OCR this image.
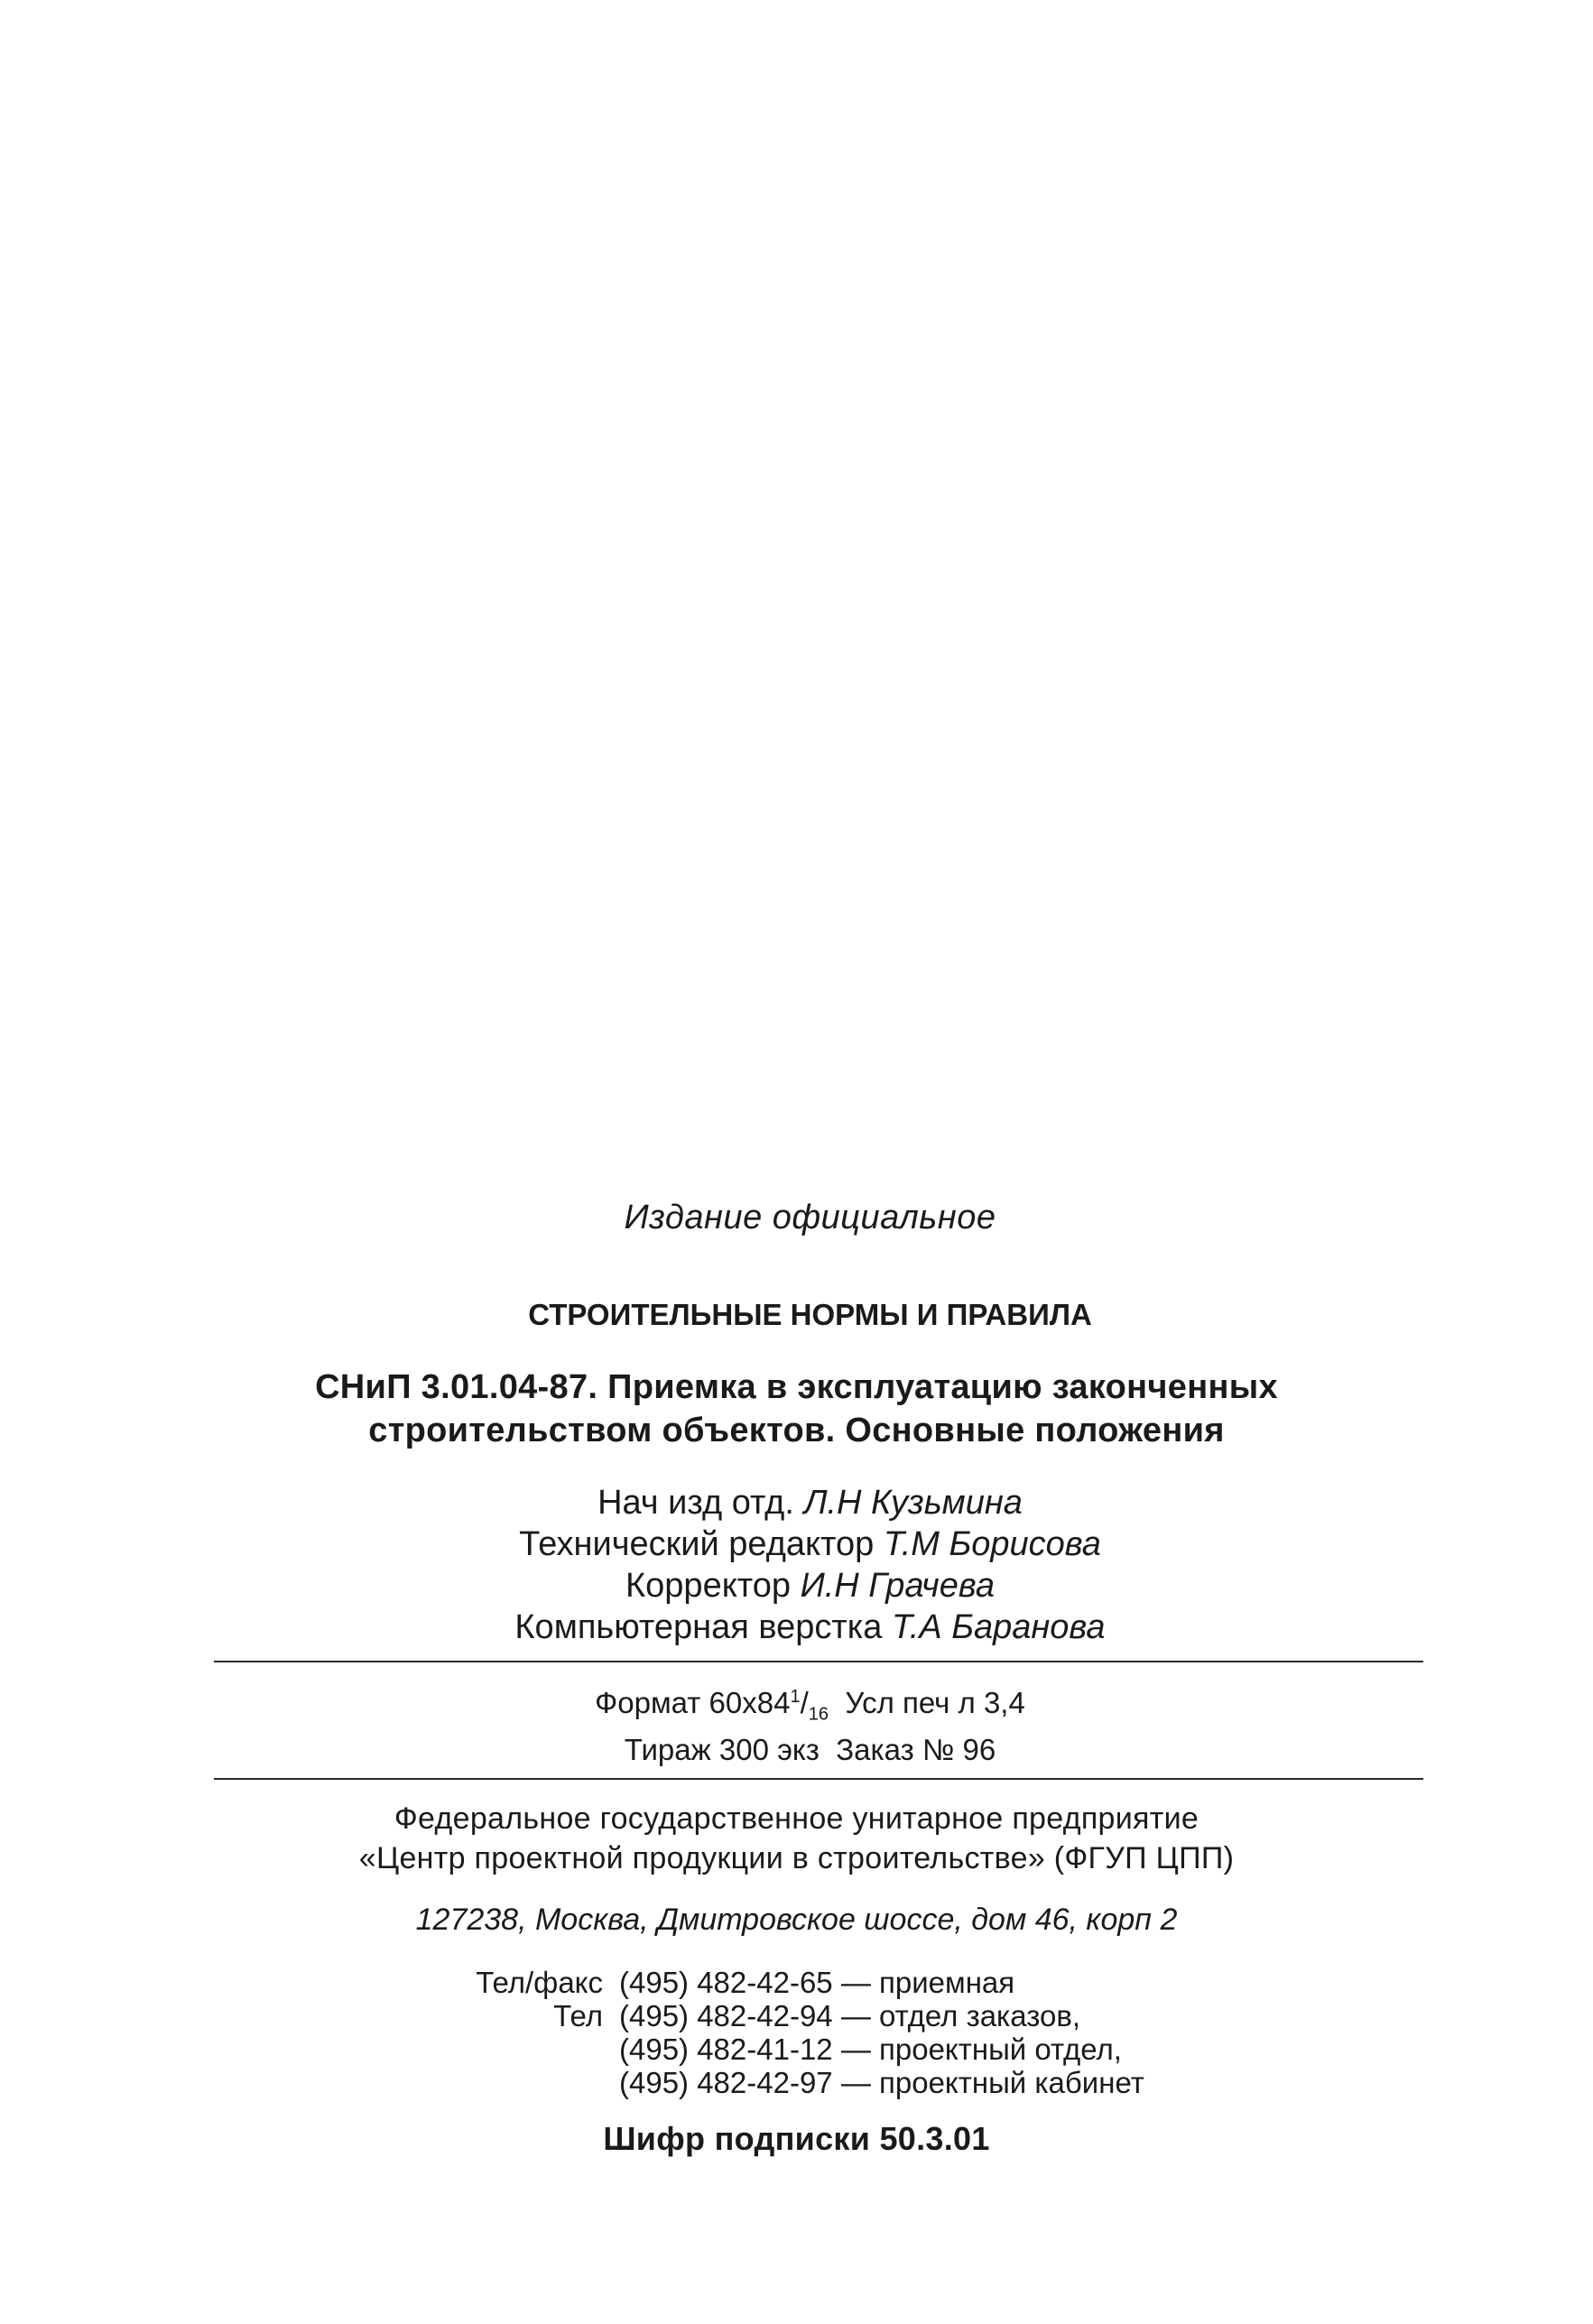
Издание официальное
СТРОИТЕЛЬНЫЕ НОРМЫ И ПРАВИЛА
СНиП 3.01.04-87. Приемка в эксплуатацию законченных
строительством объектов. Основные положения
Нач изд отд. Л.Н Кузьмина
Технический редактор Т.М Борисова
Корректор И.Н Грачева
Компьютерная верстка Т.А Баранова
Формат $60x84^1/_{16}$ Усл печ л 3,4
Тираж 300 экз Заказ № 96
Федеральное государственное унитарное предприятие
«Центр проектной продукции в строительстве» (ФГУП ЦПП)
127238, Москва, Дмитровское шоссе, дом 46, корп 2
Тел/факс (495) 482-42-65 — приемная
Тел (495) 482-42-94 — отдел заказов,
(495) 482-41-12 — проектный отдел,
(495) 482-42-97 — проектный кабинет
Шифр подписки 50.3.01
